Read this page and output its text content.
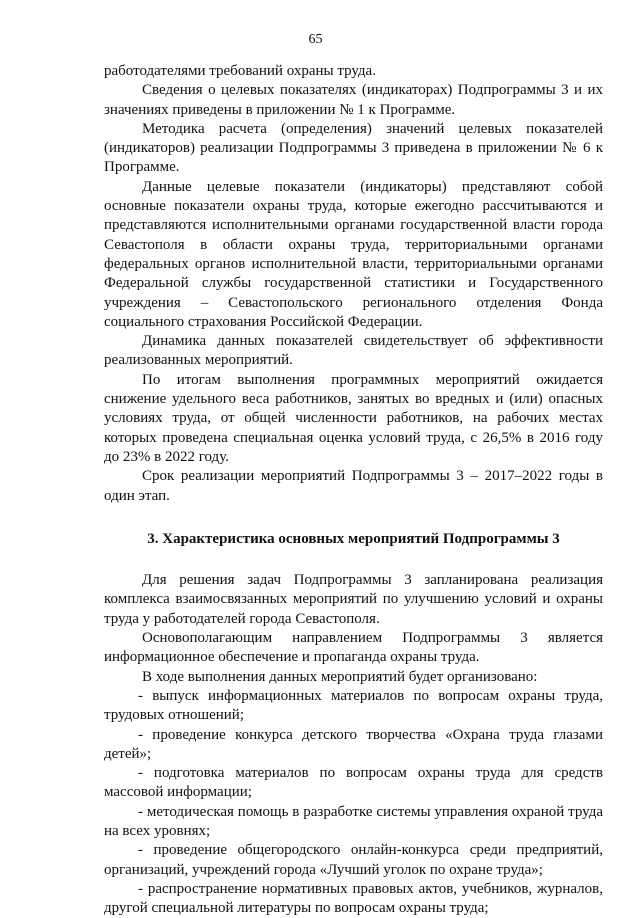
65

работодателями требований охраны труда.

Сведения о целевых показателях (индикаторах) Подпрограммы 3 и их значениях приведены в приложении № 1 к Программе.

Методика расчета (определения) значений целевых показателей (индикаторов) реализации Подпрограммы 3 приведена в приложении № 6 к Программе.

Данные целевые показатели (индикаторы) представляют собой основные показатели охраны труда, которые ежегодно рассчитываются и представляются исполнительными органами государственной власти города Севастополя в области охраны труда, территориальными органами федеральных органов исполнительной власти, территориальными органами Федеральной службы государственной статистики и Государственного учреждения – Севастопольского регионального отделения Фонда социального страхования Российской Федерации.

Динамика данных показателей свидетельствует об эффективности реализованных мероприятий.

По итогам выполнения программных мероприятий ожидается снижение удельного веса работников, занятых во вредных и (или) опасных условиях труда, от общей численности работников, на рабочих местах которых проведена специальная оценка условий труда, с 26,5% в 2016 году до 23% в 2022 году.

Срок реализации мероприятий Подпрограммы 3 – 2017–2022 годы в один этап.

3. Характеристика основных мероприятий Подпрограммы 3

Для решения задач Подпрограммы 3 запланирована реализация комплекса взаимосвязанных мероприятий по улучшению условий и охраны труда у работодателей города Севастополя.

Основополагающим направлением Подпрограммы 3 является информационное обеспечение и пропаганда охраны труда.

В ходе выполнения данных мероприятий будет организовано:

- выпуск информационных материалов по вопросам охраны труда, трудовых отношений;

- проведение конкурса детского творчества «Охрана труда глазами детей»;

- подготовка материалов по вопросам охраны труда для средств массовой информации;

- методическая помощь в разработке системы управления охраной труда на всех уровнях;

- проведение общегородского онлайн-конкурса среди предприятий, организаций, учреждений города «Лучший уголок по охране труда»;

- распространение нормативных правовых актов, учебников, журналов, другой специальной литературы по вопросам охраны труда;
